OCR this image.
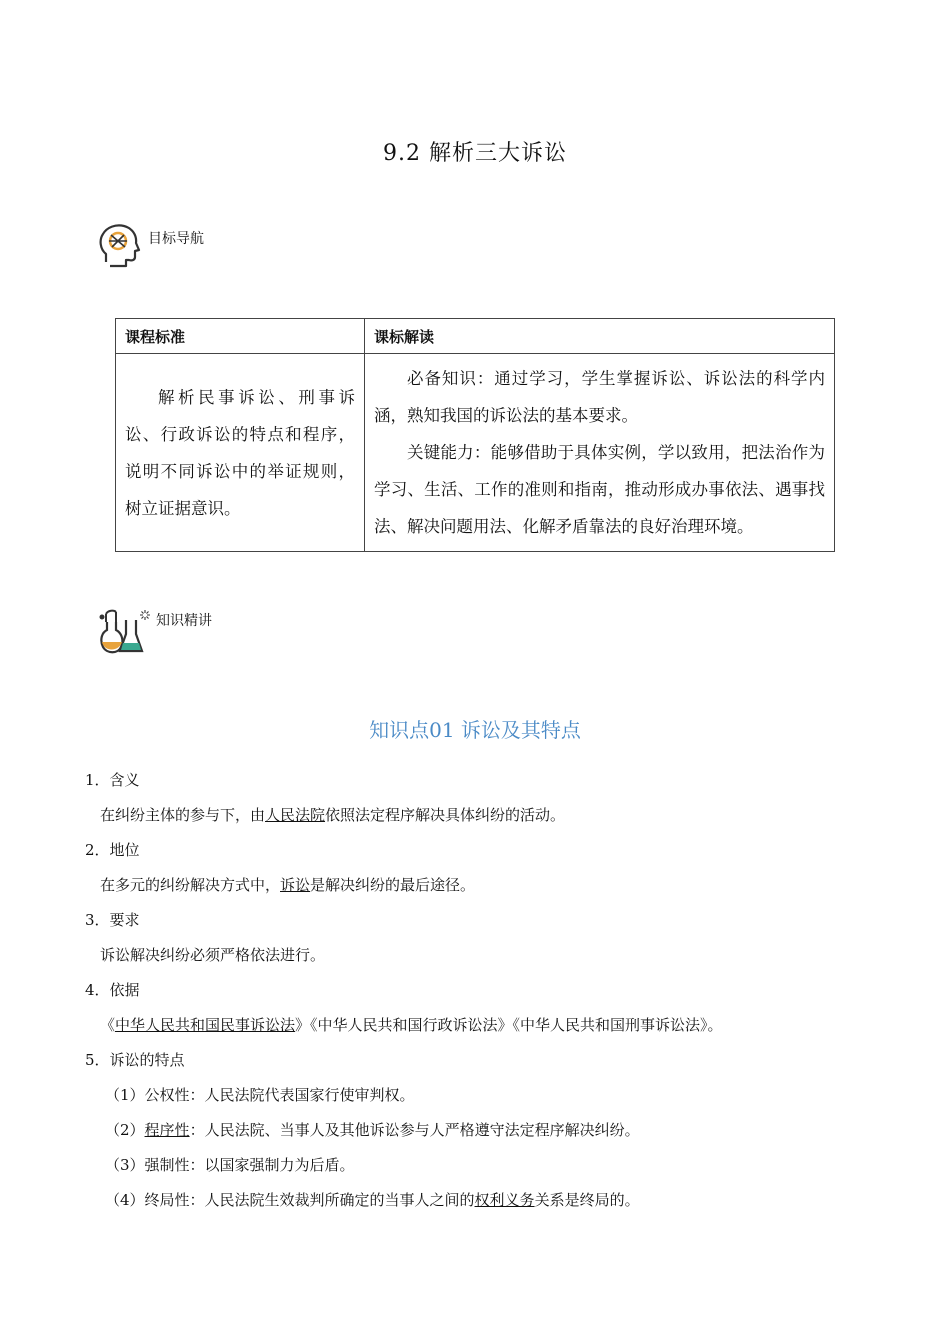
9.2 解析三大诉讼
目标导航
课程标准	课标解读
解析民事诉讼、刑事诉讼、行政诉讼的特点和程序，说明不同诉讼中的举证规则，树立证据意识。	必备知识：通过学习，学生掌握诉讼、诉讼法的科学内涵，熟知我国的诉讼法的基本要求。

关键能力：能够借助于具体实例，学以致用，把法治作为学习、生活、工作的准则和指南，推动形成办事依法、遇事找法、解决问题用法、化解矛盾靠法的良好治理环境。

知识精讲
知识点01 诉讼及其特点
1．含义
在纠纷主体的参与下，由人民法院依照法定程序解决具体纠纷的活动。
2．地位
在多元的纠纷解决方式中，诉讼是解决纠纷的最后途径。
3．要求
诉讼解决纠纷必须严格依法进行。
4．依据
《中华人民共和国民事诉讼法》《中华人民共和国行政诉讼法》《中华人民共和国刑事诉讼法》。
5．诉讼的特点
（1）公权性：人民法院代表国家行使审判权。
（2）程序性：人民法院、当事人及其他诉讼参与人严格遵守法定程序解决纠纷。
（3）强制性：以国家强制力为后盾。
（4）终局性：人民法院生效裁判所确定的当事人之间的权利义务关系是终局的。
